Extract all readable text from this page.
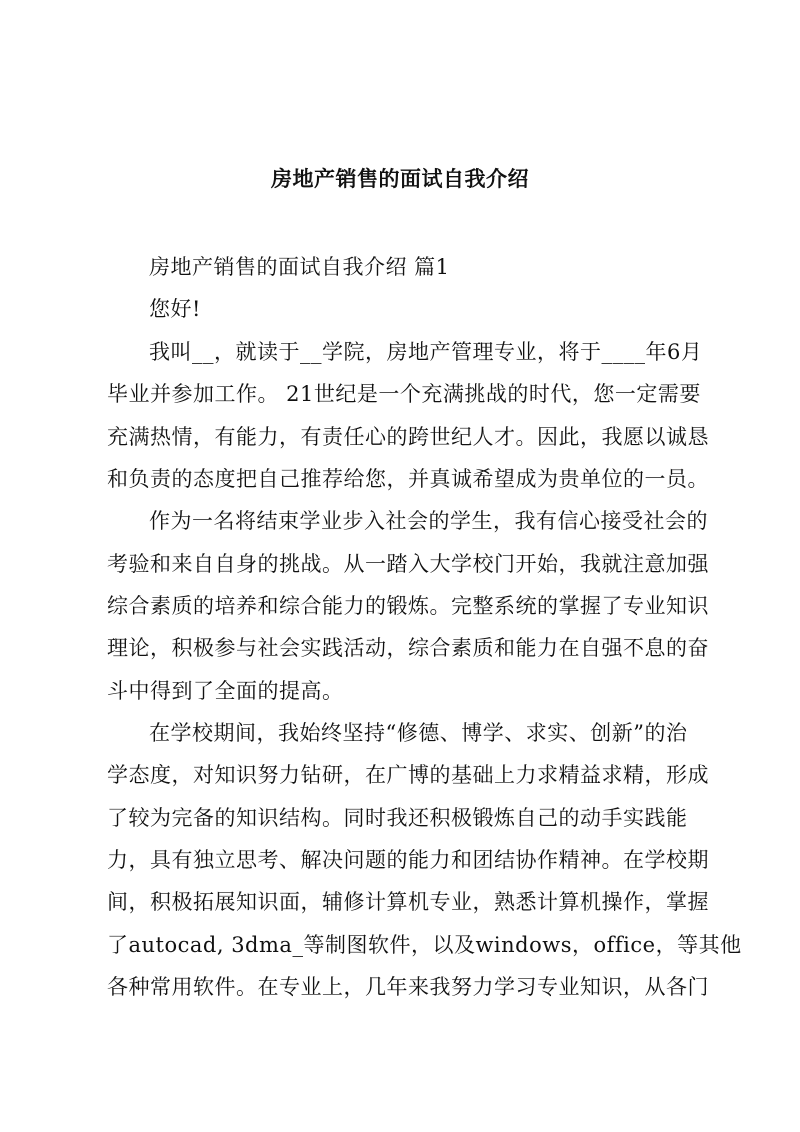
房地产销售的面试自我介绍
房地产销售的面试自我介绍 篇1
您好!
我叫__，就读于__学院，房地产管理专业，将于____年6月
毕业并参加工作。 21世纪是一个充满挑战的时代，您一定需要
充满热情，有能力，有责任心的跨世纪人才。因此，我愿以诚恳
和负责的态度把自己推荐给您，并真诚希望成为贵单位的一员。
作为一名将结束学业步入社会的学生，我有信心接受社会的
考验和来自自身的挑战。从一踏入大学校门开始，我就注意加强
综合素质的培养和综合能力的锻炼。完整系统的掌握了专业知识
理论，积极参与社会实践活动，综合素质和能力在自强不息的奋
斗中得到了全面的提高。
在学校期间，我始终坚持“修德、博学、求实、创新”的治
学态度，对知识努力钻研，在广博的基础上力求精益求精，形成
了较为完备的知识结构。同时我还积极锻炼自己的动手实践能
力，具有独立思考、解决问题的能力和团结协作精神。在学校期
间，积极拓展知识面，辅修计算机专业，熟悉计算机操作，掌握
了autocad, 3dma_等制图软件，以及windows，office，等其他
各种常用软件。在专业上，几年来我努力学习专业知识，从各门
